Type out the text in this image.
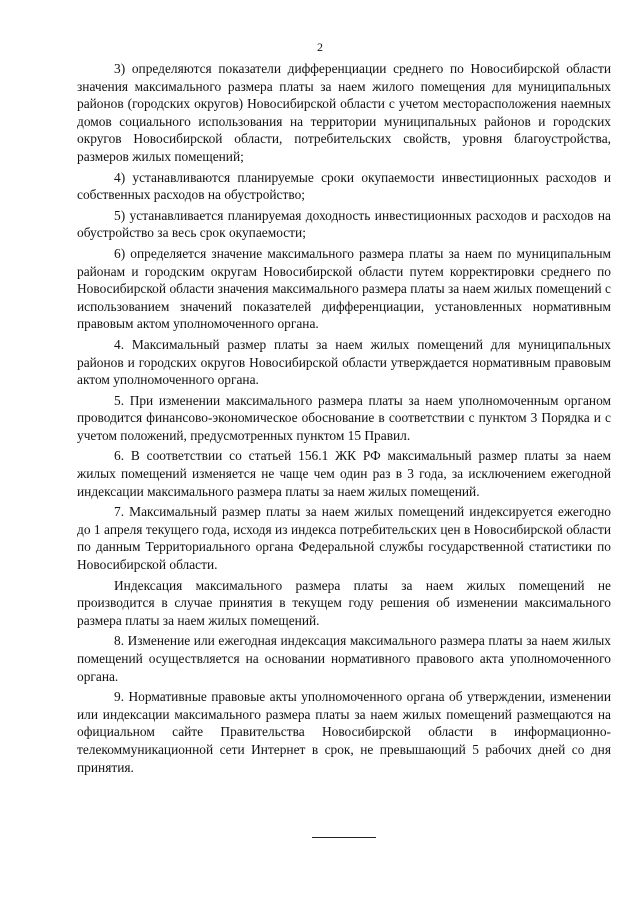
2

3) определяются показатели дифференциации среднего по Новосибирской области значения максимального размера платы за наем жилого помещения для муниципальных районов (городских округов) Новосибирской области с учетом месторасположения наемных домов социального использования на территории муниципальных районов и городских округов Новосибирской области, потребительских свойств, уровня благоустройства, размеров жилых помещений;

4) устанавливаются планируемые сроки окупаемости инвестиционных расходов и собственных расходов на обустройство;

5) устанавливается планируемая доходность инвестиционных расходов и расходов на обустройство за весь срок окупаемости;

6) определяется значение максимального размера платы за наем по муниципальным районам и городским округам Новосибирской области путем корректировки среднего по Новосибирской области значения максимального размера платы за наем жилых помещений с использованием значений показателей дифференциации, установленных нормативным правовым актом уполномоченного органа.

4. Максимальный размер платы за наем жилых помещений для муниципальных районов и городских округов Новосибирской области утверждается нормативным правовым актом уполномоченного органа.

5. При изменении максимального размера платы за наем уполномоченным органом проводится финансово-экономическое обоснование в соответствии с пунктом 3 Порядка и с учетом положений, предусмотренных пунктом 15 Правил.

6. В соответствии со статьей 156.1 ЖК РФ максимальный размер платы за наем жилых помещений изменяется не чаще чем один раз в 3 года, за исключением ежегодной индексации максимального размера платы за наем жилых помещений.

7. Максимальный размер платы за наем жилых помещений индексируется ежегодно до 1 апреля текущего года, исходя из индекса потребительских цен в Новосибирской области по данным Территориального органа Федеральной службы государственной статистики по Новосибирской области.

Индексация максимального размера платы за наем жилых помещений не производится в случае принятия в текущем году решения об изменении максимального размера платы за наем жилых помещений.

8. Изменение или ежегодная индексация максимального размера платы за наем жилых помещений осуществляется на основании нормативного правового акта уполномоченного органа.

9. Нормативные правовые акты уполномоченного органа об утверждении, изменении или индексации максимального размера платы за наем жилых помещений размещаются на официальном сайте Правительства Новосибирской области в информационно-телекоммуникационной сети Интернет в срок, не превышающий 5 рабочих дней со дня принятия.
